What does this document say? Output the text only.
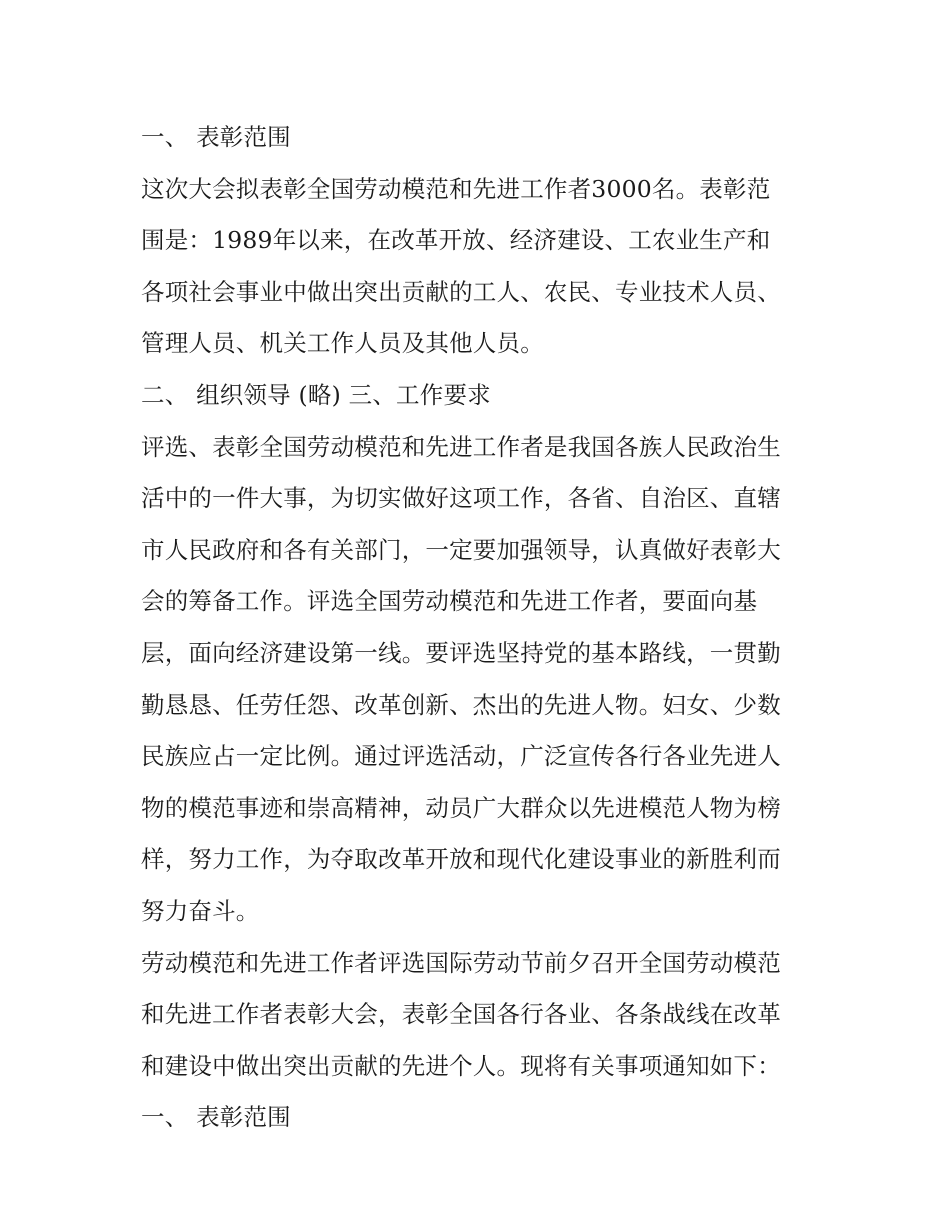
一、 表彰范围
这次大会拟表彰全国劳动模范和先进工作者3000名。表彰范
围是：1989年以来，在改革开放、经济建设、工农业生产和
各项社会事业中做出突出贡献的工人、农民、专业技术人员、
管理人员、机关工作人员及其他人员。
二、 组织领导 (略) 三、工作要求
评选、表彰全国劳动模范和先进工作者是我国各族人民政治生
活中的一件大事，为切实做好这项工作，各省、自治区、直辖
市人民政府和各有关部门，一定要加强领导，认真做好表彰大
会的筹备工作。评选全国劳动模范和先进工作者，要面向基
层，面向经济建设第一线。要评选坚持党的基本路线，一贯勤
勤恳恳、任劳任怨、改革创新、杰出的先进人物。妇女、少数
民族应占一定比例。通过评选活动，广泛宣传各行各业先进人
物的模范事迹和崇高精神，动员广大群众以先进模范人物为榜
样，努力工作，为夺取改革开放和现代化建设事业的新胜利而
努力奋斗。
劳动模范和先进工作者评选国际劳动节前夕召开全国劳动模范
和先进工作者表彰大会，表彰全国各行各业、各条战线在改革
和建设中做出突出贡献的先进个人。现将有关事项通知如下：
一、 表彰范围
